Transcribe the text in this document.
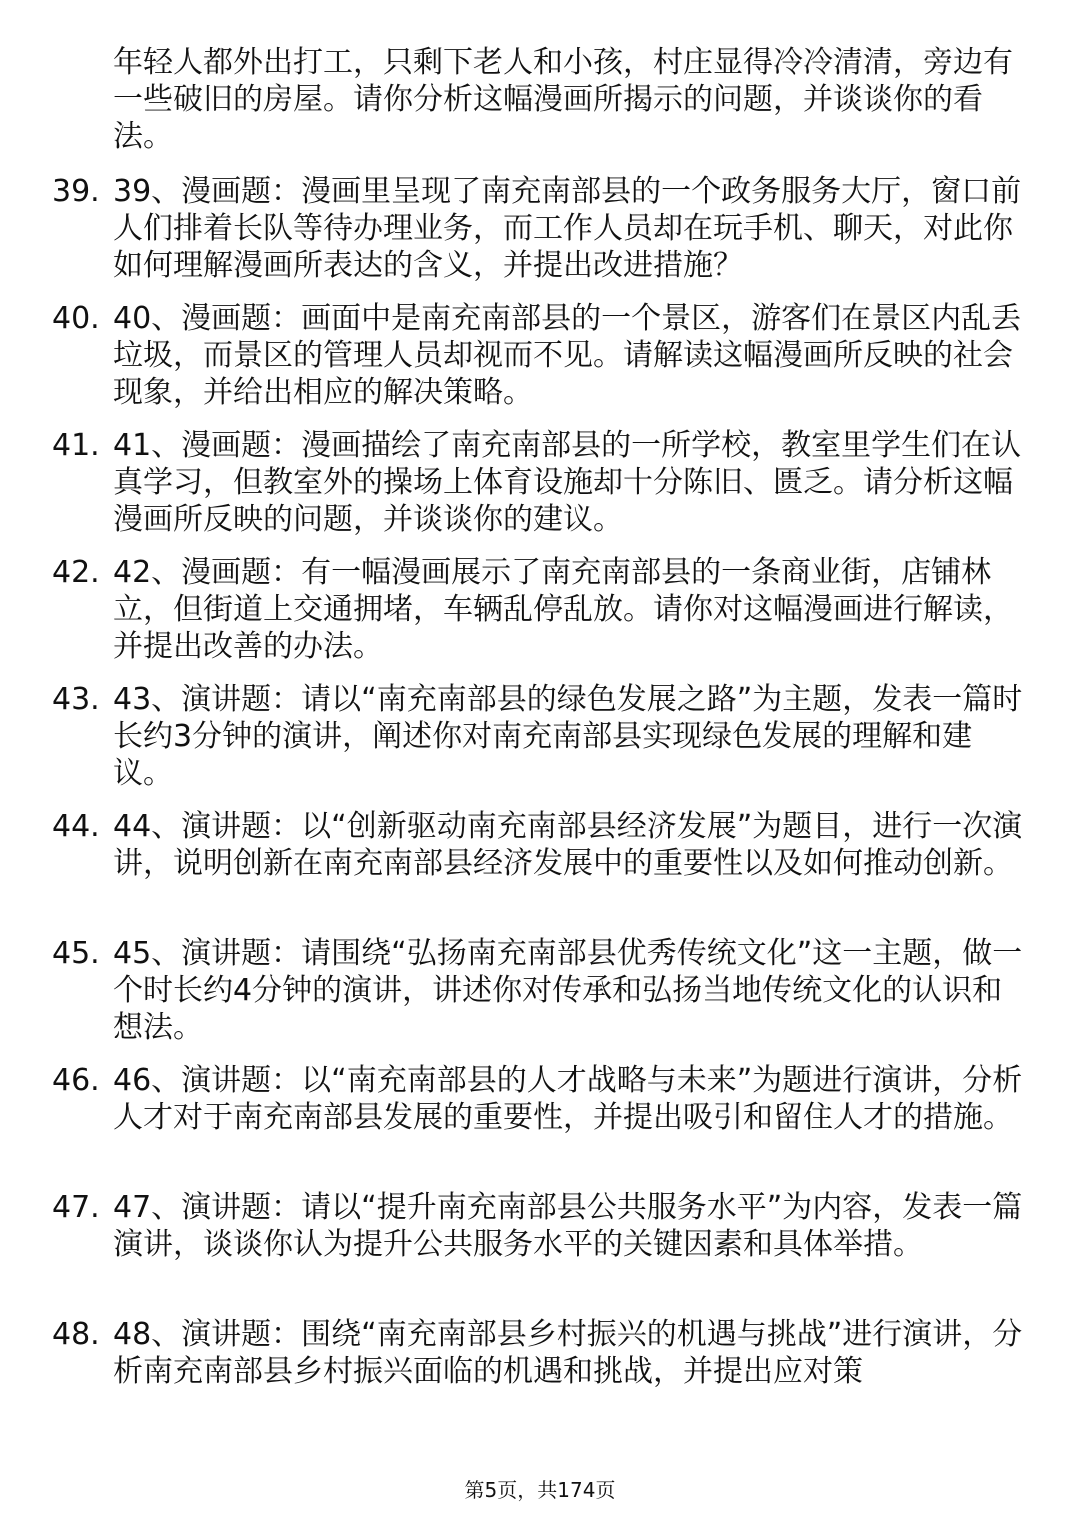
年轻人都外出打工，只剩下老人和小孩，村庄显得冷冷清清，旁边有一些破旧的房屋。请你分析这幅漫画所揭示的问题，并谈谈你的看法。

39. 39、漫画题：漫画里呈现了南充南部县的一个政务服务大厅，窗口前人们排着长队等待办理业务，而工作人员却在玩手机、聊天，对此你如何理解漫画所表达的含义，并提出改进措施？
40. 40、漫画题：画面中是南充南部县的一个景区，游客们在景区内乱丢垃圾，而景区的管理人员却视而不见。请解读这幅漫画所反映的社会现象，并给出相应的解决策略。
41. 41、漫画题：漫画描绘了南充南部县的一所学校，教室里学生们在认真学习，但教室外的操场上体育设施却十分陈旧、匮乏。请分析这幅漫画所反映的问题，并谈谈你的建议。
42. 42、漫画题：有一幅漫画展示了南充南部县的一条商业街，店铺林立，但街道上交通拥堵，车辆乱停乱放。请你对这幅漫画进行解读，并提出改善的办法。
43. 43、演讲题：请以“南充南部县的绿色发展之路”为主题，发表一篇时长约3分钟的演讲，阐述你对南充南部县实现绿色发展的理解和建议。
44. 44、演讲题：以“创新驱动南充南部县经济发展”为题目，进行一次演讲，说明创新在南充南部县经济发展中的重要性以及如何推动创新。
45. 45、演讲题：请围绕“弘扬南充南部县优秀传统文化”这一主题，做一个时长约4分钟的演讲，讲述你对传承和弘扬当地传统文化的认识和想法。
46. 46、演讲题：以“南充南部县的人才战略与未来”为题进行演讲，分析人才对于南充南部县发展的重要性，并提出吸引和留住人才的措施。
47. 47、演讲题：请以“提升南充南部县公共服务水平”为内容，发表一篇演讲，谈谈你认为提升公共服务水平的关键因素和具体举措。
48. 48、演讲题：围绕“南充南部县乡村振兴的机遇与挑战”进行演讲，分析南充南部县乡村振兴面临的机遇和挑战，并提出应对策
第5页，共174页
